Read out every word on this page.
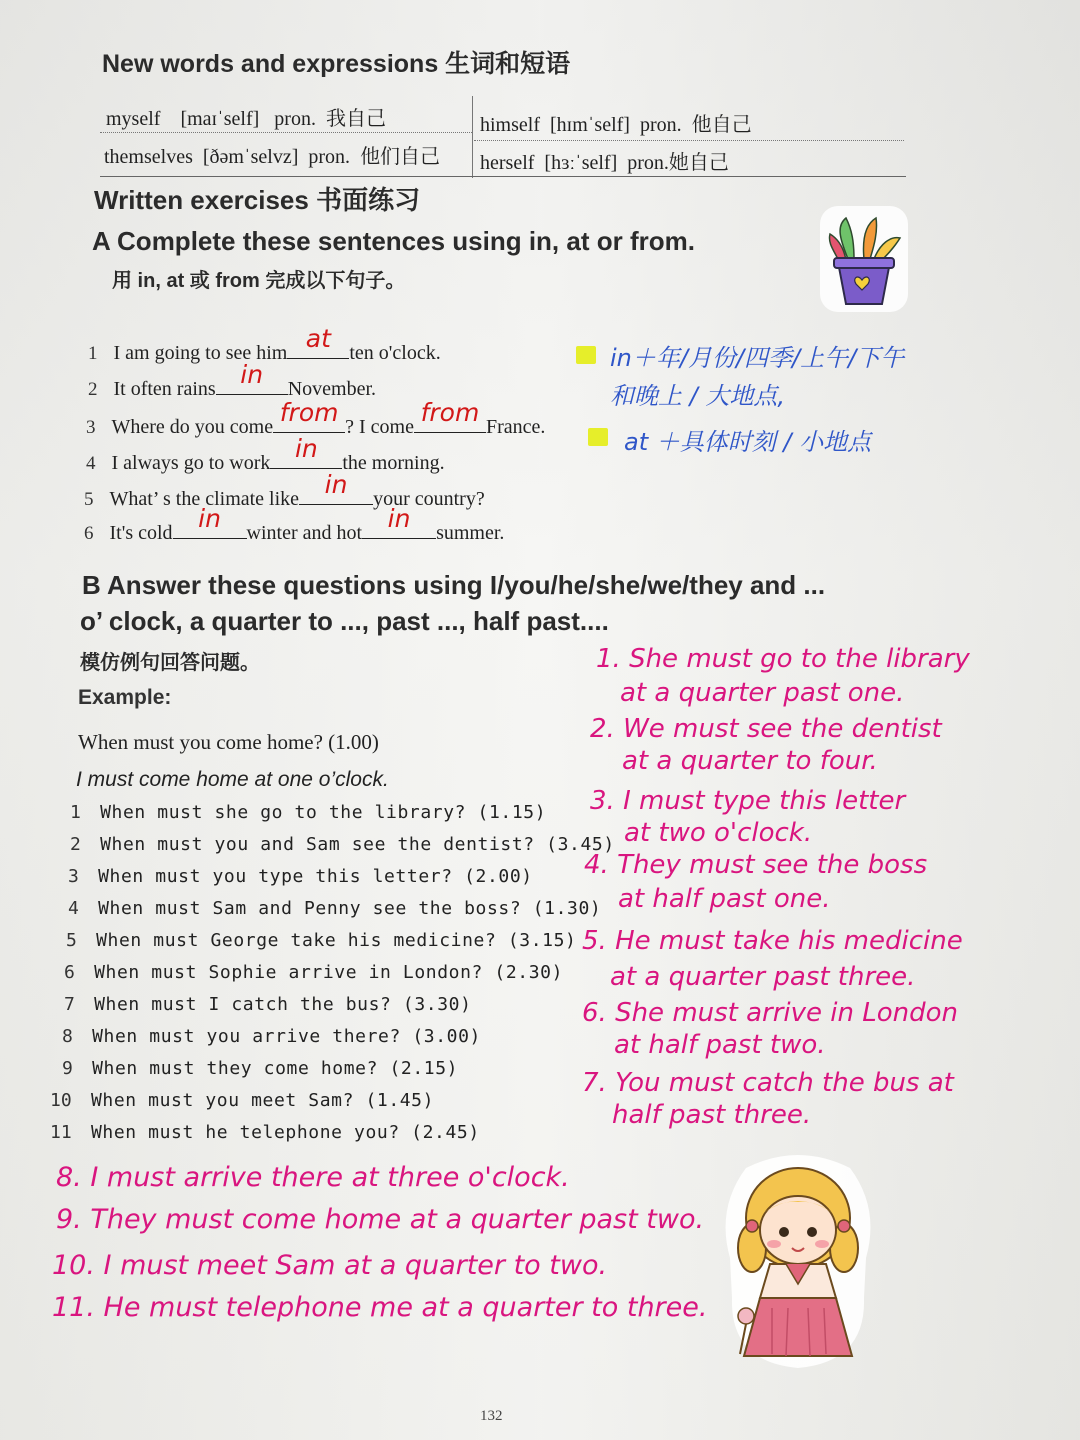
New words and expressions 生词和短语
myself [maɪˈself] pron. 我自己	himself [hɪmˈself] pron. 他自己
themselves [ðəmˈselvz] pron. 他们自己 herself [hɜːˈself] pron.她自己
Written exercises 书面练习
A Complete these sentences using in, at or from.
用 in, at 或 from 完成以下句子。
1 I am going to see him at ten o'clock.
2 It often rains in	November.
3 Where do you come from ? I come from France.
4 I always go to work in	the morning.
5 What’ s the climate like	in	your country?
6 It's cold	in	winter and hot	in	summer.
in＋年/月份/四季/上午/下午
和晚上 / 大地点,
at ＋具体时刻 / 小地点
B Answer these questions using I/you/he/she/we/they and ...
o’ clock, a quarter to ..., past ..., half past....
模仿例句回答问题。
Example:
When must you come home? (1.00)
I must come home at one o’clock.
1 When must she go to the library? (1.15)
2 When must you and Sam see the dentist? (3.45)
3 When must you type this letter? (2.00)
4 When must Sam and Penny see the boss? (1.30)
5 When must George take his medicine? (3.15)
6 When must Sophie arrive in London? (2.30)
7 When must I catch the bus? (3.30)
8 When must you arrive there? (3.00)
9 When must they come home? (2.15)
10 When must you meet Sam? (1.45)
11 When must he telephone you? (2.45)
1. She must go to the library
at a quarter past one.
2. We must see the dentist
at a quarter to four.
3. I must type this letter
at two o'clock.
4. They must see the boss
at half past one.
5. He must take his medicine
at a quarter past three.
6. She must arrive in London
at half past two.
7. You must catch the bus at
half past three.
8. I must arrive there at three o'clock.
9. They must come home at a quarter past two.
10. I must meet Sam at a quarter to two.
11. He must telephone me at a quarter to three.
132
